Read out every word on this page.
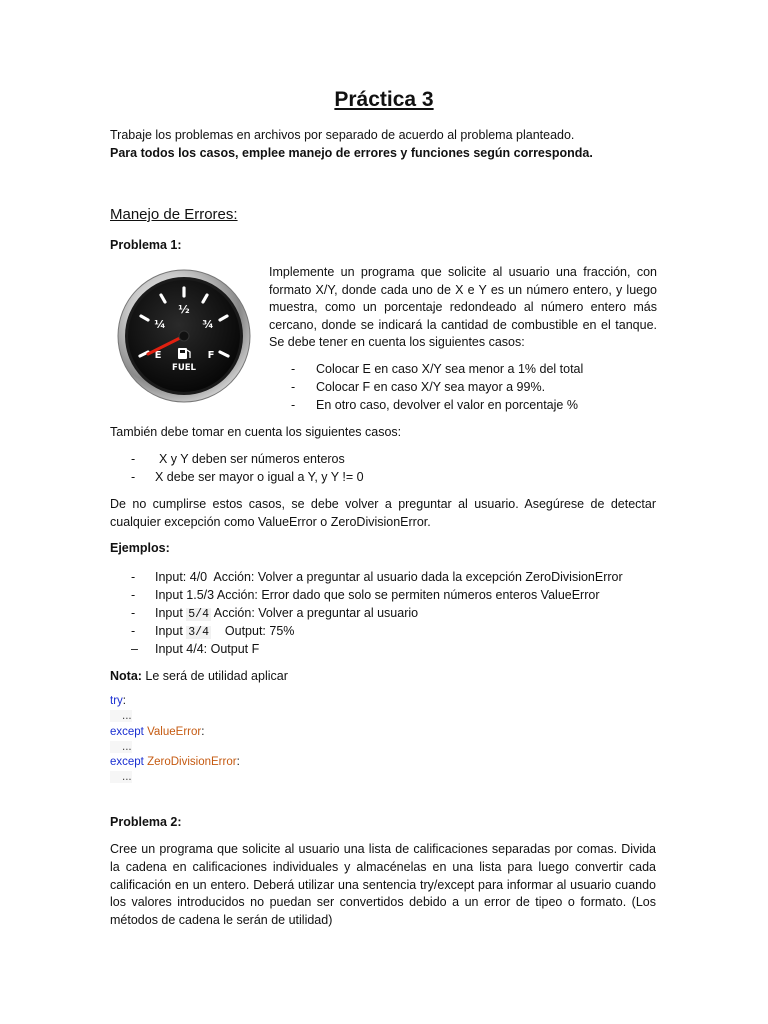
Práctica 3
Trabaje los problemas en archivos por separado de acuerdo al problema planteado.
Para todos los casos, emplee manejo de errores y funciones según corresponda.
Manejo de Errores:
Problema 1:
½
¼	¾
E	F
FUEL
Implemente un programa que solicite al usuario una fracción, con formato X/Y, donde cada uno de X e Y es un número entero, y luego muestra, como un porcentaje redondeado al número entero más cercano, donde se indicará la cantidad de combustible en el tanque. Se debe tener en cuenta los siguientes casos:
- Colocar E en caso X/Y sea menor a 1% del total
- Colocar F en caso X/Y sea mayor a 99%.
- En otro caso, devolver el valor en porcentaje %
También debe tomar en cuenta los siguientes casos:
- X y Y deben ser números enteros
- X debe ser mayor o igual a Y, y Y != 0
De no cumplirse estos casos, se debe volver a preguntar al usuario. Asegúrese de detectar cualquier excepción como ValueError o ZeroDivisionError.
Ejemplos:
- Input: 4/0 Acción: Volver a preguntar al usuario dada la excepción ZeroDivisionError
- Input 1.5/3 Acción: Error dado que solo se permiten números enteros ValueError
- Input 5/4 Acción: Volver a preguntar al usuario
- Input 3/4 Output: 75%
– Input 4/4: Output F
Nota: Le será de utilidad aplicar
try:
...
except ValueError:
...
except ZeroDivisionError:
...
Problema 2:
Cree un programa que solicite al usuario una lista de calificaciones separadas por comas. Divida la cadena en calificaciones individuales y almacénelas en una lista para luego convertir cada calificación en un entero. Deberá utilizar una sentencia try/except para informar al usuario cuando los valores introducidos no puedan ser convertidos debido a un error de tipeo o formato. (Los métodos de cadena le serán de utilidad)
